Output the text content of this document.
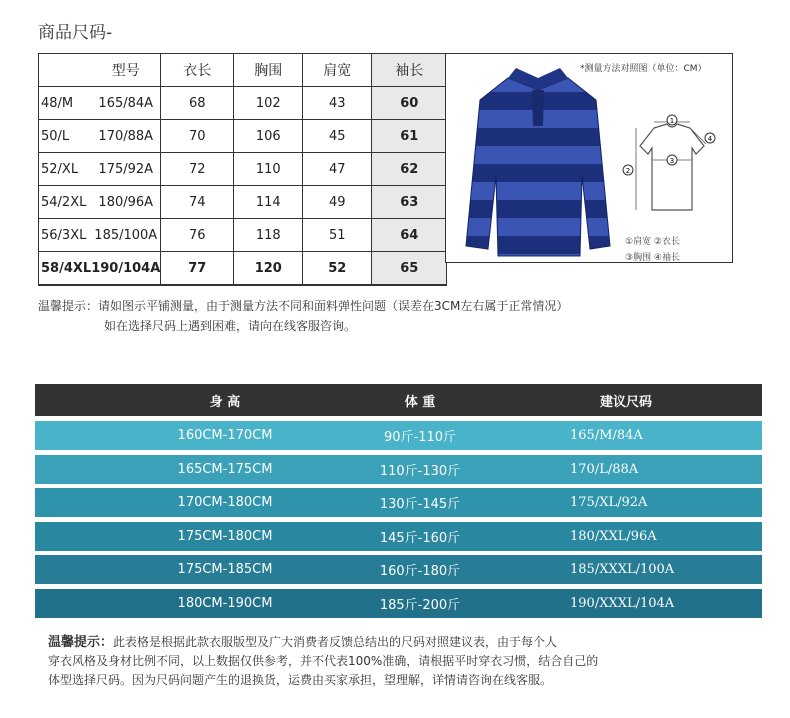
商品尺码-
	型号	衣长	胸围	肩宽	袖长
48/M	165/84A	68	102	43	60
50/L	170/88A	70	106	45	61
52/XL	175/92A	72	110	47	62
54/2XL	180/96A	74	114	49	63
56/3XL	185/100A	76	118	51	64
58/4XL	190/104A	77	120	52	65
1
2
3
4
*测量方法对照图（单位：CM）
①肩宽 ②衣长
③胸围 ④袖长
温馨提示：请如图示平铺测量，由于测量方法不同和面料弹性问题（误差在3CM左右属于正常情况）
如在选择尺码上遇到困难，请向在线客服咨询。
身 高	体 重	建议尺码
160CM-170CM	90斤-110斤	165/M/84A
165CM-175CM	110斤-130斤	170/L/88A
170CM-180CM	130斤-145斤	175/XL/92A
175CM-180CM	145斤-160斤	180/XXL/96A
175CM-185CM	160斤-180斤	185/XXXL/100A
180CM-190CM	185斤-200斤	190/XXXL/104A
温馨提示：此表格是根据此款衣服版型及广大消费者反馈总结出的尺码对照建议表，由于每个人
穿衣风格及身材比例不同，以上数据仅供参考，并不代表100%准确，请根据平时穿衣习惯，结合自己的
体型选择尺码。因为尺码问题产生的退换货，运费由买家承担，望理解，详情请咨询在线客服。
